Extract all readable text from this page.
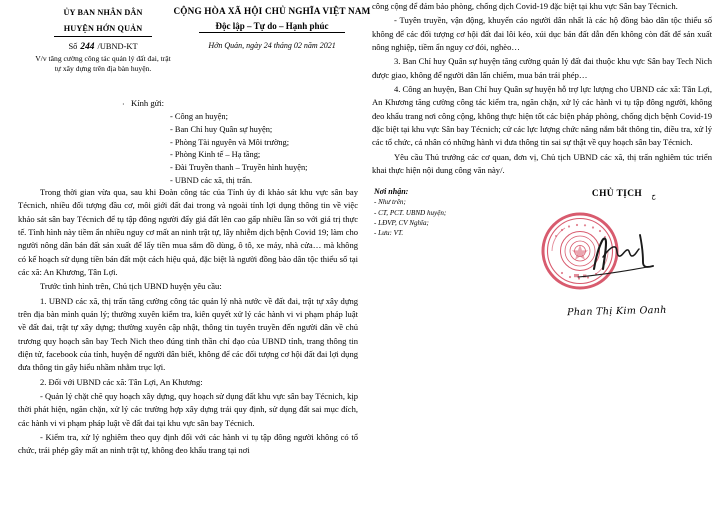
ỦY BAN NHÂN DÂN
HUYỆN HỚN QUẢN
Số 244 /UBND-KT
V/v tăng cường công tác quản lý đất đai, trật tự xây dựng trên địa bàn huyện.
CỘNG HÒA XÃ HỘI CHỦ NGHĨA VIỆT NAM
Độc lập – Tự do – Hạnh phúc
Hớn Quản, ngày 24 tháng 02 năm 2021
· Kính gửi:
- Công an huyện;
- Ban Chỉ huy Quân sự huyện;
- Phòng Tài nguyên và Môi trường;
- Phòng Kinh tế – Hạ tầng;
- Đài Truyền thanh – Truyền hình huyện;
- UBND các xã, thị trấn.

Trong thời gian vừa qua, sau khi Đoàn công tác của Tỉnh ủy đi khảo sát khu vực sân bay Técnich, nhiều đối tượng đầu cơ, môi giới đất đai trong và ngoài tỉnh lợi dụng thông tin về việc khảo sát sân bay Técnich để tụ tập đông người đẩy giá đất lên cao gấp nhiều lần so với giá trị thực tế. Tình hình này tiềm ẩn nhiều nguy cơ mất an ninh trật tự, lây nhiễm dịch bệnh Covid 19; làm cho người nông dân bán đất sản xuất để lấy tiền mua sắm đồ dùng, ô tô, xe máy, nhà cửa… mà không có kế hoạch sử dụng tiền bán đất một cách hiệu quả, đặc biệt là người đồng bào dân tộc thiểu số tại các xã: An Khương, Tân Lợi.

Trước tình hình trên, Chủ tịch UBND huyện yêu cầu:

1. UBND các xã, thị trấn tăng cường công tác quản lý nhà nước về đất đai, trật tự xây dựng trên địa bàn mình quản lý; thường xuyên kiểm tra, kiên quyết xử lý các hành vi vi phạm pháp luật về đất đai, trật tự xây dựng; thường xuyên cập nhật, thông tin tuyên truyền đến người dân về chủ trương quy hoạch sân bay Tech Nich theo đúng tinh thần chỉ đạo của UBND tỉnh, trang thông tin điện tử, facebook của tỉnh, huyện để người dân biết, không để các đối tượng cơ hội đất đai lợi dụng đưa thông tin gây hiểu nhầm nhằm trục lợi.

2. Đối với UBND các xã: Tân Lợi, An Khương:

- Quản lý chặt chẽ quy hoạch xây dựng, quy hoạch sử dụng đất khu vực sân bay Técnich, kịp thời phát hiện, ngăn chặn, xử lý các trường hợp xây dựng trái quy định, sử dụng đất sai mục đích, các hành vi vi phạm pháp luật về đất đai tại khu vực sân bay Técnich.

- Kiểm tra, xử lý nghiêm theo quy định đối với các hành vi tụ tập đông người không có tổ chức, trái phép gây mất an ninh trật tự, không đeo khẩu trang tại nơi

công cộng để đảm bảo phòng, chống dịch Covid-19 đặc biệt tại khu vực Sân bay Técnich.

- Tuyên truyền, vận động, khuyến cáo người dân nhất là các hộ đồng bào dân tộc thiểu số không để các đối tượng cơ hội đất đai lôi kéo, xúi dục bán đất dẫn đến không còn đất để sản xuất nông nghiệp, tiềm ẩn nguy cơ đói, nghèo…

3. Ban Chỉ huy Quân sự huyện tăng cường quản lý đất đai thuộc khu vực Sân bay Tech Nich được giao, không để người dân lấn chiếm, mua bán trái phép…

4. Công an huyện, Ban Chỉ huy Quân sự huyện hỗ trợ lực lượng cho UBND các xã: Tân Lợi, An Khương tăng cường công tác kiểm tra, ngăn chặn, xử lý các hành vi tụ tập đông người, không đeo khẩu trang nơi công cộng, không thực hiện tốt các biện pháp phòng, chống dịch bệnh Covid-19 đặc biệt tại khu vực Sân bay Técnich; cử các lực lượng chức năng nắm bắt thông tin, điều tra, xử lý các tổ chức, cá nhân có những hành vi đưa thông tin sai sự thật về quy hoạch sân bay Técnich.

Yêu cầu Thủ trưởng các cơ quan, đơn vị, Chủ tịch UBND các xã, thị trấn nghiêm túc triển khai thực hiện nội dung công văn này/.

Nơi nhận:
- Như trên;
- CT, PCT. UBND huyện;
- LĐVP, CV Nghĩa;
- Lưu: VT.
CHỦ TỊCH ح
Phan Thị Kim Oanh
